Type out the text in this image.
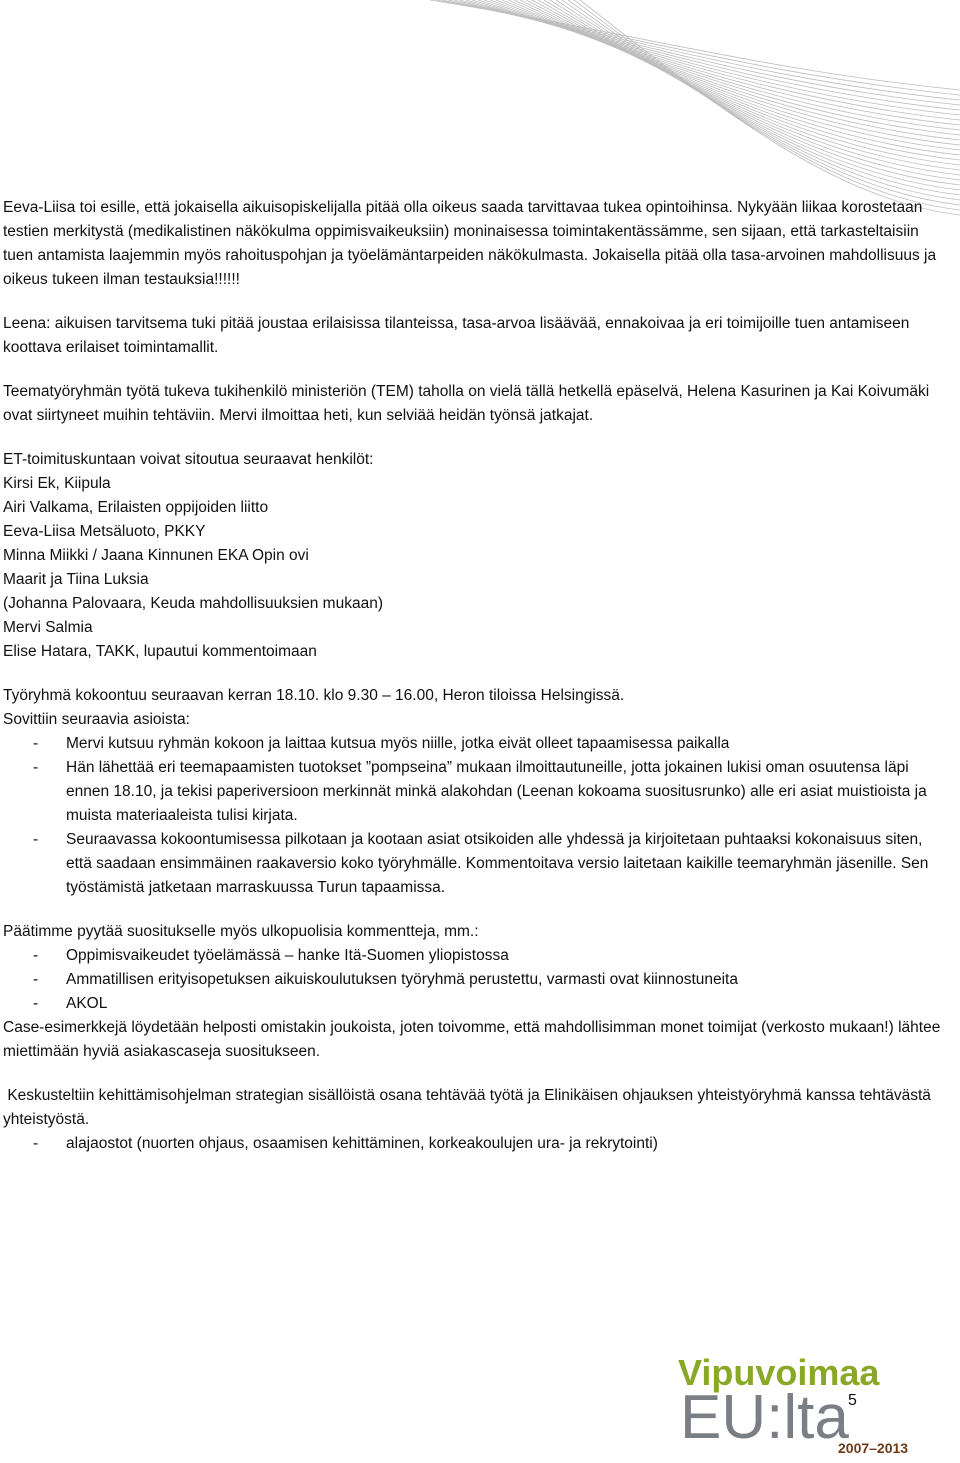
Eeva-Liisa toi esille, että jokaisella aikuisopiskelijalla pitää olla oikeus saada tarvittavaa tukea opintoihinsa. Nykyään liikaa korostetaan testien merkitystä (medikalistinen näkökulma oppimisvaikeuksiin) moninaisessa toimintakentässämme, sen sijaan, että tarkasteltaisiin tuen antamista laajemmin myös rahoituspohjan ja työelämäntarpeiden näkökulmasta. Jokaisella pitää olla tasa-arvoinen mahdollisuus ja oikeus tukeen ilman testauksia!!!!!!

Leena: aikuisen tarvitsema tuki pitää joustaa erilaisissa tilanteissa, tasa-arvoa lisäävää, ennakoivaa ja eri toimijoille tuen antamiseen koottava erilaiset toimintamallit.

Teematyöryhmän työtä tukeva tukihenkilö ministeriön (TEM) taholla on vielä tällä hetkellä epäselvä, Helena Kasurinen ja Kai Koivumäki ovat siirtyneet muihin tehtäviin. Mervi ilmoittaa heti, kun selviää heidän työnsä jatkajat.

ET-toimituskuntaan voivat sitoutua seuraavat henkilöt:
Kirsi Ek, Kiipula
Airi Valkama, Erilaisten oppijoiden liitto
Eeva-Liisa Metsäluoto, PKKY
Minna Miikki / Jaana Kinnunen EKA Opin ovi
Maarit ja Tiina Luksia
(Johanna Palovaara, Keuda mahdollisuuksien mukaan)
Mervi Salmia
Elise Hatara, TAKK, lupautui kommentoimaan
Työryhmä kokoontuu seuraavan kerran 18.10. klo 9.30 – 16.00, Heron tiloissa Helsingissä.
Sovittiin seuraavia asioista:
- Mervi kutsuu ryhmän kokoon ja laittaa kutsua myös niille, jotka eivät olleet tapaamisessa paikalla
- Hän lähettää eri teemapaamisten tuotokset ”pompseina” mukaan ilmoittautuneille, jotta jokainen lukisi oman osuutensa läpi ennen 18.10, ja tekisi paperiversioon merkinnät minkä alakohdan (Leenan kokoama suositusrunko) alle eri asiat muistioista ja muista materiaaleista tulisi kirjata.
- Seuraavassa kokoontumisessa pilkotaan ja kootaan asiat otsikoiden alle yhdessä ja kirjoitetaan puhtaaksi kokonaisuus siten, että saadaan ensimmäinen raakaversio koko työryhmälle. Kommentoitava versio laitetaan kaikille teemaryhmän jäsenille. Sen työstämistä jatketaan marraskuussa Turun tapaamissa.
Päätimme pyytää suositukselle myös ulkopuolisia kommentteja, mm.:
- Oppimisvaikeudet työelämässä – hanke Itä-Suomen yliopistossa
- Ammatillisen erityisopetuksen aikuiskoulutuksen työryhmä perustettu, varmasti ovat kiinnostuneita
- AKOL
Case-esimerkkejä löydetään helposti omistakin joukoista, joten toivomme, että mahdollisimman monet toimijat (verkosto mukaan!) lähtee miettimään hyviä asiakascaseja suositukseen.
Keskusteltiin kehittämisohjelman strategian sisällöistä osana tehtävää työtä ja Elinikäisen ohjauksen yhteistyöryhmä kanssa tehtävästä yhteistyöstä.
- alajaostot (nuorten ohjaus, osaamisen kehittäminen, korkeakoulujen ura- ja rekrytointi)
Vipuvoimaa
EU:lta
2007–2013
5
